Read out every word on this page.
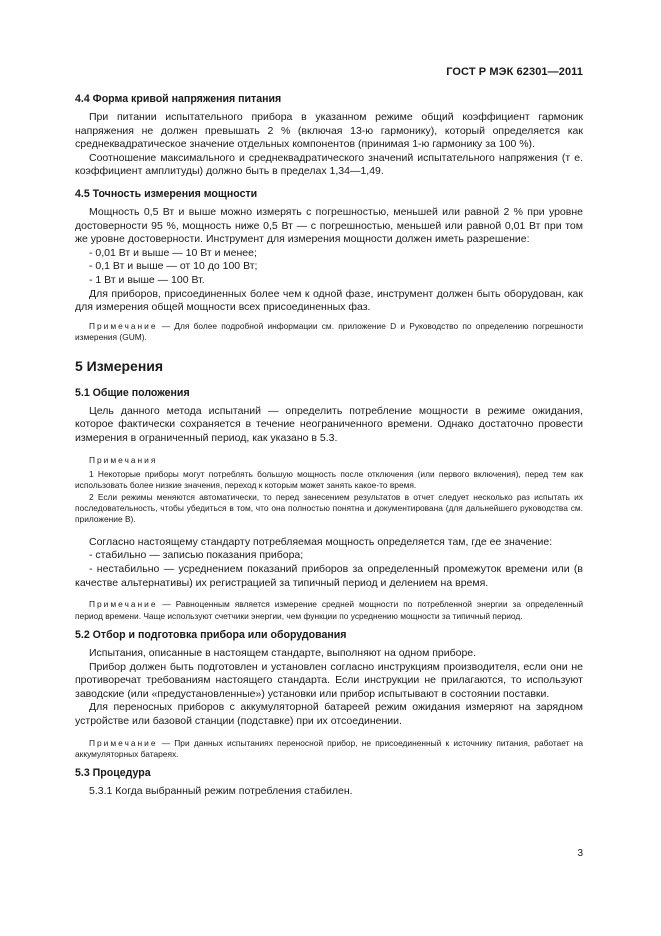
ГОСТ Р МЭК 62301—2011
4.4 Форма кривой напряжения питания

При питании испытательного прибора в указанном режиме общий коэффициент гармоник напряжения не должен превышать 2 % (включая 13-ю гармонику), который определяется как среднеквадратическое значение отдельных компонентов (принимая 1-ю гармонику за 100 %).

Соотношение максимального и среднеквадратического значений испытательного напряжения (т е. коэффициент амплитуды) должно быть в пределах 1,34—1,49.

4.5 Точность измерения мощности

Мощность 0,5 Вт и выше можно измерять с погрешностью, меньшей или равной 2 % при уровне достоверности 95 %, мощность ниже 0,5 Вт — с погрешностью, меньшей или равной 0,01 Вт при том же уровне достоверности. Инструмент для измерения мощности должен иметь разрешение:

- 0,01 Вт и выше — 10 Вт и менее;
- 0,1 Вт и выше — от 10 до 100 Вт;
- 1 Вт и выше — 100 Вт.

Для приборов, присоединенных более чем к одной фазе, инструмент должен быть оборудован, как для измерения общей мощности всех присоединенных фаз.

Примечание — Для более подробной информации см. приложение D и Руководство по определению погрешности измерения (GUM).
5 Измерения
5.1 Общие положения

Цель данного метода испытаний — определить потребление мощности в режиме ожидания, которое фактически сохраняется в течение неограниченного времени. Однако достаточно провести измерения в ограниченный период, как указано в 5.3.

Примечания
1 Некоторые приборы могут потреблять большую мощность после отключения (или первого включения), перед тем как использовать более низкие значения, переход к которым может занять какое-то время.
2 Если режимы меняются автоматически, то перед занесением результатов в отчет следует несколько раз испытать их последовательность, чтобы убедиться в том, что она полностью понятна и документирована (для дальнейшего руководства см. приложение В).

Согласно настоящему стандарту потребляемая мощность определяется там, где ее значение:

- стабильно — записью показания прибора;
- нестабильно — усреднением показаний приборов за определенный промежуток времени или (в качестве альтернативы) их регистрацией за типичный период и делением на время.
Примечание — Равноценным является измерение средней мощности по потребленной энергии за определенный период времени. Чаще используют счетчики энергии, чем функции по усреднению мощности за типичный период.
5.2 Отбор и подготовка прибора или оборудования

Испытания, описанные в настоящем стандарте, выполняют на одном приборе.

Прибор должен быть подготовлен и установлен согласно инструкциям производителя, если они не противоречат требованиям настоящего стандарта. Если инструкции не прилагаются, то используют заводские (или «предустановленные») установки или прибор испытывают в состоянии поставки.

Для переносных приборов с аккумуляторной батареей режим ожидания измеряют на зарядном устройстве или базовой станции (подставке) при их отсоединении.

Примечание — При данных испытаниях переносной прибор, не присоединенный к источнику питания, работает на аккумуляторных батареях.
5.3 Процедура

5.3.1 Когда выбранный режим потребления стабилен.

3
